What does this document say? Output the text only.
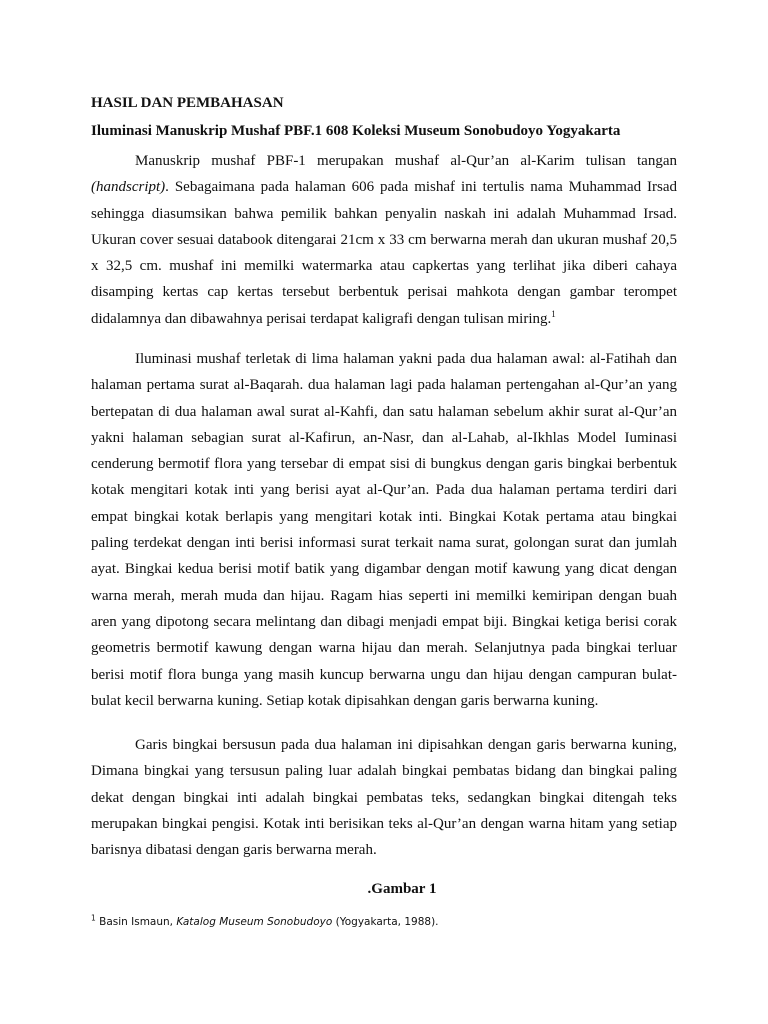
HASIL DAN PEMBAHASAN
Iluminasi Manuskrip Mushaf PBF.1 608 Koleksi Museum Sonobudoyo Yogyakarta

Manuskrip mushaf PBF-1 merupakan mushaf al-Qur’an al-Karim tulisan tangan (handscript). Sebagaimana pada halaman 606 pada mishaf ini tertulis nama Muhammad Irsad sehingga diasumsikan bahwa pemilik bahkan penyalin naskah ini adalah Muhammad Irsad. Ukuran cover sesuai databook ditengarai 21cm x 33 cm berwarna merah dan ukuran mushaf 20,5 x 32,5 cm. mushaf ini memilki watermarka atau capkertas yang terlihat jika diberi cahaya disamping kertas cap kertas tersebut berbentuk perisai mahkota dengan gambar terompet didalamnya dan dibawahnya perisai terdapat kaligrafi dengan tulisan miring.$^1$

Iluminasi mushaf terletak di lima halaman yakni pada dua halaman awal: al-Fatihah dan halaman pertama surat al-Baqarah. dua halaman lagi pada halaman pertengahan al-Qur’an yang bertepatan di dua halaman awal surat al-Kahfi, dan satu halaman sebelum akhir surat al-Qur’an yakni halaman sebagian surat al-Kafirun, an-Nasr, dan al-Lahab, al-Ikhlas Model Iuminasi cenderung bermotif flora yang tersebar di empat sisi di bungkus dengan garis bingkai berbentuk kotak mengitari kotak inti yang berisi ayat al-Qur’an. Pada dua halaman pertama terdiri dari empat bingkai kotak berlapis yang mengitari kotak inti. Bingkai Kotak pertama atau bingkai paling terdekat dengan inti berisi informasi surat terkait nama surat, golongan surat dan jumlah ayat. Bingkai kedua berisi motif batik yang digambar dengan motif kawung yang dicat dengan warna merah, merah muda dan hijau. Ragam hias seperti ini memilki kemiripan dengan buah aren yang dipotong secara melintang dan dibagi menjadi empat biji. Bingkai ketiga berisi corak geometris bermotif kawung dengan warna hijau dan merah. Selanjutnya pada bingkai terluar berisi motif flora bunga yang masih kuncup berwarna ungu dan hijau dengan campuran bulat-bulat kecil berwarna kuning. Setiap kotak dipisahkan dengan garis berwarna kuning.

Garis bingkai bersusun pada dua halaman ini dipisahkan dengan garis berwarna kuning, Dimana bingkai yang tersusun paling luar adalah bingkai pembatas bidang dan bingkai paling dekat dengan bingkai inti adalah bingkai pembatas teks, sedangkan bingkai ditengah teks merupakan bingkai pengisi. Kotak inti berisikan teks al-Qur’an dengan warna hitam yang setiap barisnya dibatasi dengan garis berwarna merah.

.Gambar 1

$^1$ Basin Ismaun, Katalog Museum Sonobudoyo (Yogyakarta, 1988).
